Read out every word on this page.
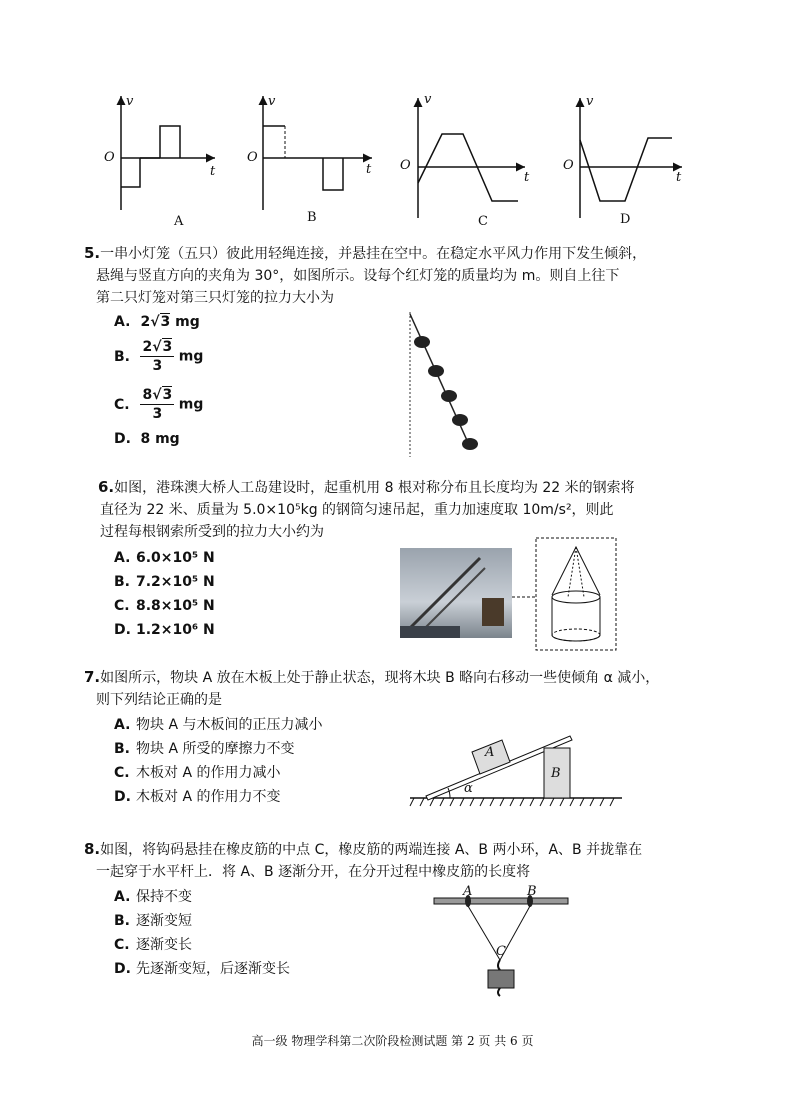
v
O
t
A
v
O
t
B
v
O
t
C
v
O
t
D
5.一串小灯笼（五只）彼此用轻绳连接，并悬挂在空中。在稳定水平风力作用下发生倾斜，
悬绳与竖直方向的夹角为 30°，如图所示。设每个红灯笼的质量均为 m。则自上往下
第二只灯笼对第三只灯笼的拉力大小为
A. 2√3 mg
B. $\frac{2√3}{3}$ mg
C. $\frac{8√3}{3}$ mg
D. 8 mg
6.如图，港珠澳大桥人工岛建设时，起重机用 8 根对称分布且长度均为 22 米的钢索将
直径为 22 米、质量为 5.0×10⁵kg 的钢筒匀速吊起，重力加速度取 10m/s²，则此
过程每根钢索所受到的拉力大小约为
A. 6.0×10⁵ N
B. 7.2×10⁵ N
C. 8.8×10⁵ N
D. 1.2×10⁶ N
7.如图所示，物块 A 放在木板上处于静止状态，现将木块 B 略向右移动一些使倾角 α 减小，
则下列结论正确的是
A. 物块 A 与木板间的正压力减小
B. 物块 A 所受的摩擦力不变
C. 木板对 A 的作用力减小
D. 木板对 A 的作用力不变
A
B
α
8.如图，将钩码悬挂在橡皮筋的中点 C，橡皮筋的两端连接 A、B 两小环，A、B 并拢靠在
一起穿于水平杆上．将 A、B 逐渐分开，在分开过程中橡皮筋的长度将
A. 保持不变
B. 逐渐变短
C. 逐渐变长
D. 先逐渐变短，后逐渐变长
A	B
C
高一级 物理学科第二次阶段检测试题 第 2 页 共 6 页
